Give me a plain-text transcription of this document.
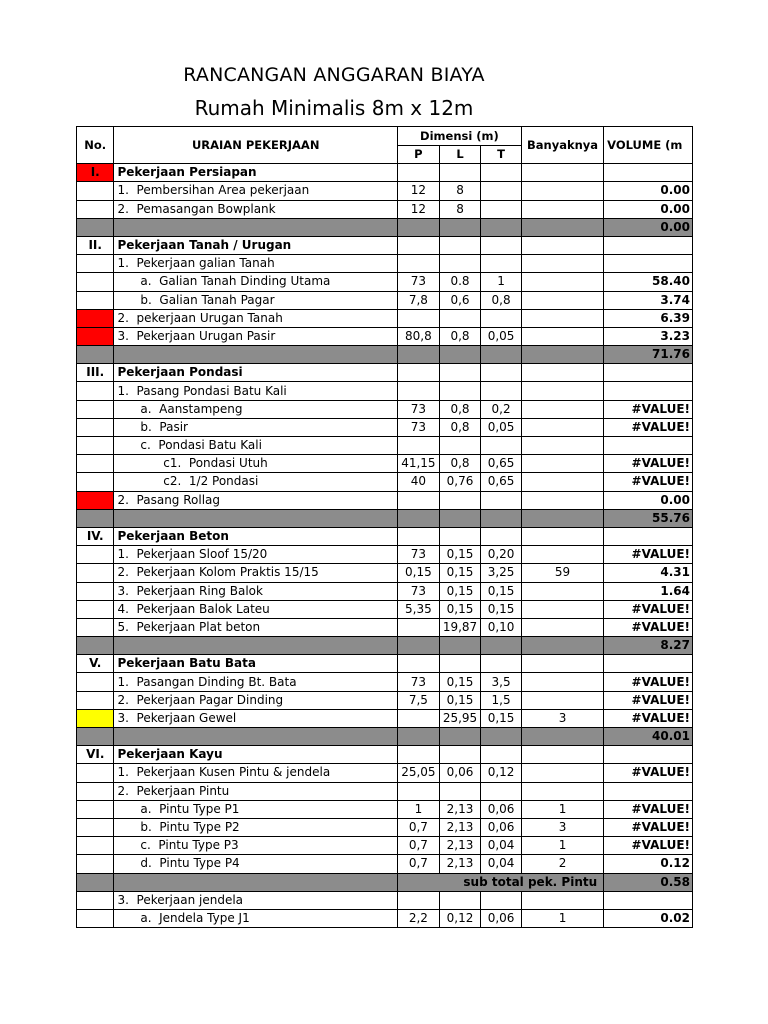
RANCANGAN ANGGARAN BIAYA
Rumah Minimalis 8m x 12m
No.	URAIAN PEKERJAAN	Dimensi (m)			Banyaknya	VOLUME (m
		P	L	T		
I.	Pekerjaan Persiapan					
	1.  Pembersihan Area pekerjaan	12	8			0.00
	2.  Pemasangan Bowplank	12	8			0.00
						0.00
II.	Pekerjaan Tanah / Urugan					
	1.  Pekerjaan galian Tanah					
	a.  Galian Tanah Dinding Utama	73	0.8	1		58.40
	b.  Galian Tanah Pagar	7,8	0,6	0,8		3.74
	2.  pekerjaan Urugan Tanah					6.39
	3.  Pekerjaan Urugan Pasir	80,8	0,8	0,05		3.23
						71.76
III.	Pekerjaan Pondasi					
	1.  Pasang Pondasi Batu Kali					
	a.  Aanstampeng	73	0,8	0,2		#VALUE!
	b.  Pasir	73	0,8	0,05		#VALUE!
	c.  Pondasi Batu Kali					
	c1.  Pondasi Utuh	41,15	0,8	0,65		#VALUE!
	c2.  1/2 Pondasi	40	0,76	0,65		#VALUE!
	2.  Pasang Rollag					0.00
						55.76
IV.	Pekerjaan Beton					
	1.  Pekerjaan Sloof 15/20	73	0,15	0,20		#VALUE!
	2.  Pekerjaan Kolom Praktis 15/15	0,15	0,15	3,25	59	4.31
	3.  Pekerjaan Ring Balok	73	0,15	0,15		1.64
	4.  Pekerjaan Balok Lateu	5,35	0,15	0,15		#VALUE!
	5.  Pekerjaan Plat beton		19,87	0,10		#VALUE!
						8.27
V.	Pekerjaan Batu Bata					
	1.  Pasangan Dinding Bt. Bata	73	0,15	3,5		#VALUE!
	2.  Pekerjaan Pagar Dinding	7,5	0,15	1,5		#VALUE!
	3.  Pekerjaan Gewel		25,95	0,15	3	#VALUE!
						40.01
VI.	Pekerjaan Kayu					
	1.  Pekerjaan Kusen Pintu & jendela	25,05	0,06	0,12		#VALUE!
	2.  Pekerjaan Pintu					
	a.  Pintu Type P1	1	2,13	0,06	1	#VALUE!
	b.  Pintu Type P2	0,7	2,13	0,06	3	#VALUE!
	c.  Pintu Type P3	0,7	2,13	0,04	1	#VALUE!
	d.  Pintu Type P4	0,7	2,13	0,04	2	0.12
		sub total pek. Pintu				0.58
	3.  Pekerjaan jendela					
	a.  Jendela Type J1	2,2	0,12	0,06	1	0.02
